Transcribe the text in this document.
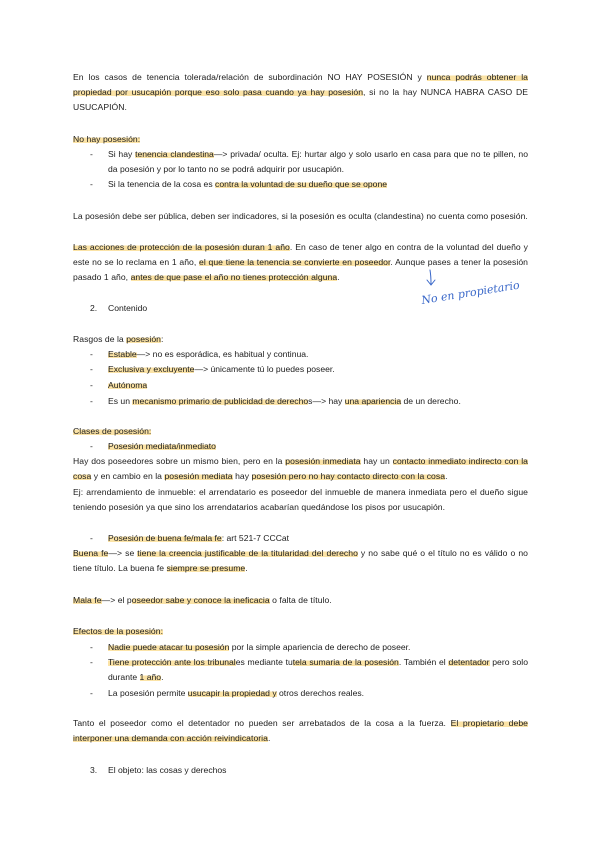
En los casos de tenencia tolerada/relación de subordinación NO HAY POSESIÓN y nunca podrás obtener la propiedad por usucapión porque eso solo pasa cuando ya hay posesión, si no la hay NUNCA HABRA CASO DE USUCAPIÓN.

No hay posesión:

- Si hay tenencia clandestina—> privada/ oculta. Ej: hurtar algo y solo usarlo en casa para que no te pillen, no da posesión y por lo tanto no se podrá adquirir por usucapión.

- Si la tenencia de la cosa es contra la voluntad de su dueño que se opone

La posesión debe ser pública, deben ser indicadores, si la posesión es oculta (clandestina) no cuenta como posesión.

Las acciones de protección de la posesión duran 1 año. En caso de tener algo en contra de la voluntad del dueño y este no se lo reclama en 1 año, el que tiene la tenencia se convierte en poseedor. Aunque pases a tener la posesión pasado 1 año, antes de que pase el año no tienes protección alguna.

No en propietario
2. Contenido

Rasgos de la posesión:

- Estable—> no es esporádica, es habitual y continua.

- Exclusiva y excluyente—> únicamente tú lo puedes poseer.

- Autónoma

- Es un mecanismo primario de publicidad de derechos—> hay una apariencia de un derecho.

Clases de posesión:

- Posesión mediata/inmediato

Hay dos poseedores sobre un mismo bien, pero en la posesión inmediata hay un contacto inmediato indirecto con la cosa y en cambio en la posesión mediata hay posesión pero no hay contacto directo con la cosa.

Ej: arrendamiento de inmueble: el arrendatario es poseedor del inmueble de manera inmediata pero el dueño sigue teniendo posesión ya que sino los arrendatarios acabarían quedándose los pisos por usucapión.

- Posesión de buena fe/mala fe: art 521-7 CCCat

Buena fe—> se tiene la creencia justificable de la titularidad del derecho y no sabe qué o el título no es válido o no tiene título. La buena fe siempre se presume.

Mala fe—> el poseedor sabe y conoce la ineficacia o falta de título.

Efectos de la posesión:

- Nadie puede atacar tu posesión por la simple apariencia de derecho de poseer.

- Tiene protección ante los tribunales mediante tutela sumaria de la posesión. También el detentador pero solo durante 1 año.

- La posesión permite usucapir la propiedad y otros derechos reales.

Tanto el poseedor como el detentador no pueden ser arrebatados de la cosa a la fuerza. El propietario debe interponer una demanda con acción reivindicatoria.

3. El objeto: las cosas y derechos
